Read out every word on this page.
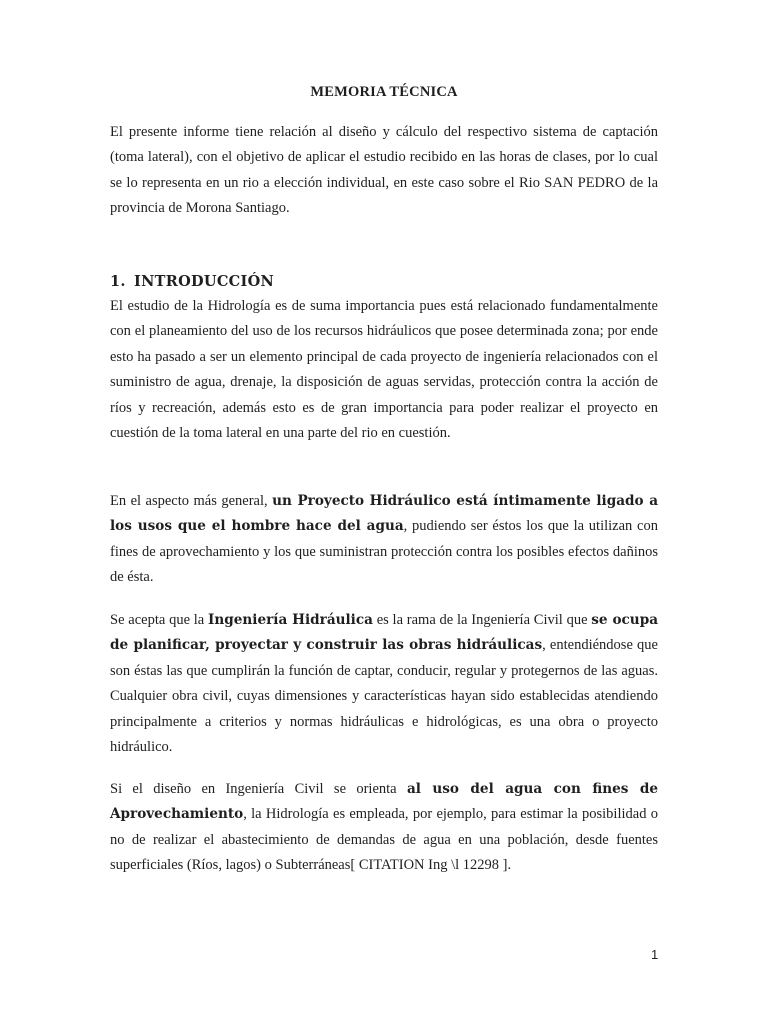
MEMORIA TÉCNICA

El presente informe tiene relación al diseño y cálculo del respectivo sistema de captación (toma lateral), con el objetivo de aplicar el estudio recibido en las horas de clases, por lo cual se lo representa en un rio a elección individual, en este caso sobre el Rio SAN PEDRO de la provincia de Morona Santiago.

1. INTRODUCCIÓN

El estudio de la Hidrología es de suma importancia pues está relacionado fundamentalmente con el planeamiento del uso de los recursos hidráulicos que posee determinada zona; por ende esto ha pasado a ser un elemento principal de cada proyecto de ingeniería relacionados con el suministro de agua, drenaje, la disposición de aguas servidas, protección contra la acción de ríos y recreación, además esto es de gran importancia para poder realizar el proyecto en cuestión de la toma lateral en una parte del rio en cuestión.

En el aspecto más general, un Proyecto Hidráulico está íntimamente ligado a los usos que el hombre hace del agua, pudiendo ser éstos los que la utilizan con fines de aprovechamiento y los que suministran protección contra los posibles efectos dañinos de ésta.

Se acepta que la Ingeniería Hidráulica es la rama de la Ingeniería Civil que se ocupa de planificar, proyectar y construir las obras hidráulicas, entendiéndose que son éstas las que cumplirán la función de captar, conducir, regular y protegernos de las aguas. Cualquier obra civil, cuyas dimensiones y características hayan sido establecidas atendiendo principalmente a criterios y normas hidráulicas e hidrológicas, es una obra o proyecto hidráulico.

Si el diseño en Ingeniería Civil se orienta al uso del agua con fines de Aprovechamiento, la Hidrología es empleada, por ejemplo, para estimar la posibilidad o no de realizar el abastecimiento de demandas de agua en una población, desde fuentes superficiales (Ríos, lagos) o Subterráneas[ CITATION Ing \l 12298 ].

1
